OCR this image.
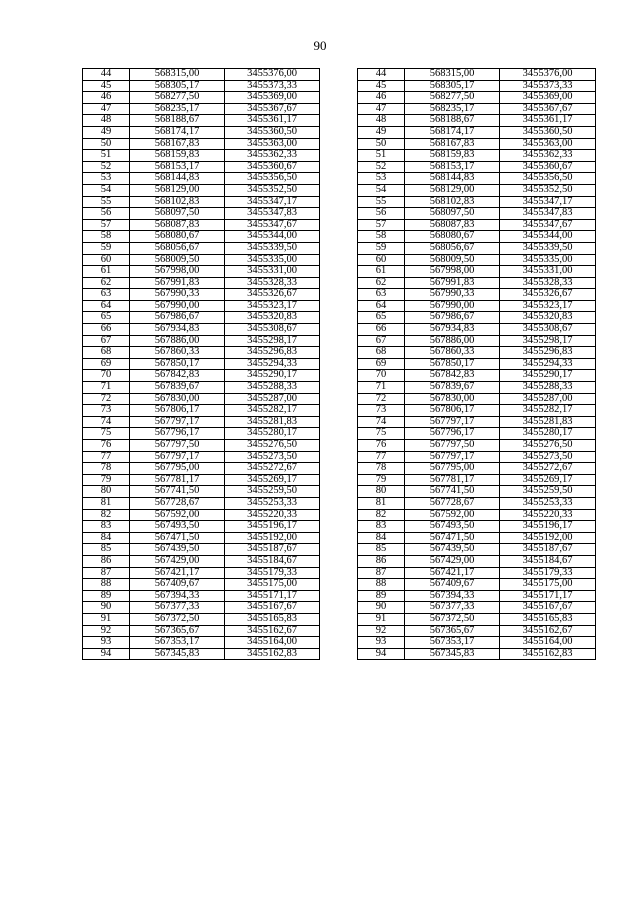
90
44	568315,00	3455376,00
45	568305,17	3455373,33
46	568277,50	3455369,00
47	568235,17	3455367,67
48	568188,67	3455361,17
49	568174,17	3455360,50
50	568167,83	3455363,00
51	568159,83	3455362,33
52	568153,17	3455360,67
53	568144,83	3455356,50
54	568129,00	3455352,50
55	568102,83	3455347,17
56	568097,50	3455347,83
57	568087,83	3455347,67
58	568080,67	3455344,00
59	568056,67	3455339,50
60	568009,50	3455335,00
61	567998,00	3455331,00
62	567991,83	3455328,33
63	567990,33	3455326,67
64	567990,00	3455323,17
65	567986,67	3455320,83
66	567934,83	3455308,67
67	567886,00	3455298,17
68	567860,33	3455296,83
69	567850,17	3455294,33
70	567842,83	3455290,17
71	567839,67	3455288,33
72	567830,00	3455287,00
73	567806,17	3455282,17
74	567797,17	3455281,83
75	567796,17	3455280,17
76	567797,50	3455276,50
77	567797,17	3455273,50
78	567795,00	3455272,67
79	567781,17	3455269,17
80	567741,50	3455259,50
81	567728,67	3455253,33
82	567592,00	3455220,33
83	567493,50	3455196,17
84	567471,50	3455192,00
85	567439,50	3455187,67
86	567429,00	3455184,67
87	567421,17	3455179,33
88	567409,67	3455175,00
89	567394,33	3455171,17
90	567377,33	3455167,67
91	567372,50	3455165,83
92	567365,67	3455162,67
93	567353,17	3455164,00
94	567345,83	3455162,83
44	568315,00	3455376,00
45	568305,17	3455373,33
46	568277,50	3455369,00
47	568235,17	3455367,67
48	568188,67	3455361,17
49	568174,17	3455360,50
50	568167,83	3455363,00
51	568159,83	3455362,33
52	568153,17	3455360,67
53	568144,83	3455356,50
54	568129,00	3455352,50
55	568102,83	3455347,17
56	568097,50	3455347,83
57	568087,83	3455347,67
58	568080,67	3455344,00
59	568056,67	3455339,50
60	568009,50	3455335,00
61	567998,00	3455331,00
62	567991,83	3455328,33
63	567990,33	3455326,67
64	567990,00	3455323,17
65	567986,67	3455320,83
66	567934,83	3455308,67
67	567886,00	3455298,17
68	567860,33	3455296,83
69	567850,17	3455294,33
70	567842,83	3455290,17
71	567839,67	3455288,33
72	567830,00	3455287,00
73	567806,17	3455282,17
74	567797,17	3455281,83
75	567796,17	3455280,17
76	567797,50	3455276,50
77	567797,17	3455273,50
78	567795,00	3455272,67
79	567781,17	3455269,17
80	567741,50	3455259,50
81	567728,67	3455253,33
82	567592,00	3455220,33
83	567493,50	3455196,17
84	567471,50	3455192,00
85	567439,50	3455187,67
86	567429,00	3455184,67
87	567421,17	3455179,33
88	567409,67	3455175,00
89	567394,33	3455171,17
90	567377,33	3455167,67
91	567372,50	3455165,83
92	567365,67	3455162,67
93	567353,17	3455164,00
94	567345,83	3455162,83
